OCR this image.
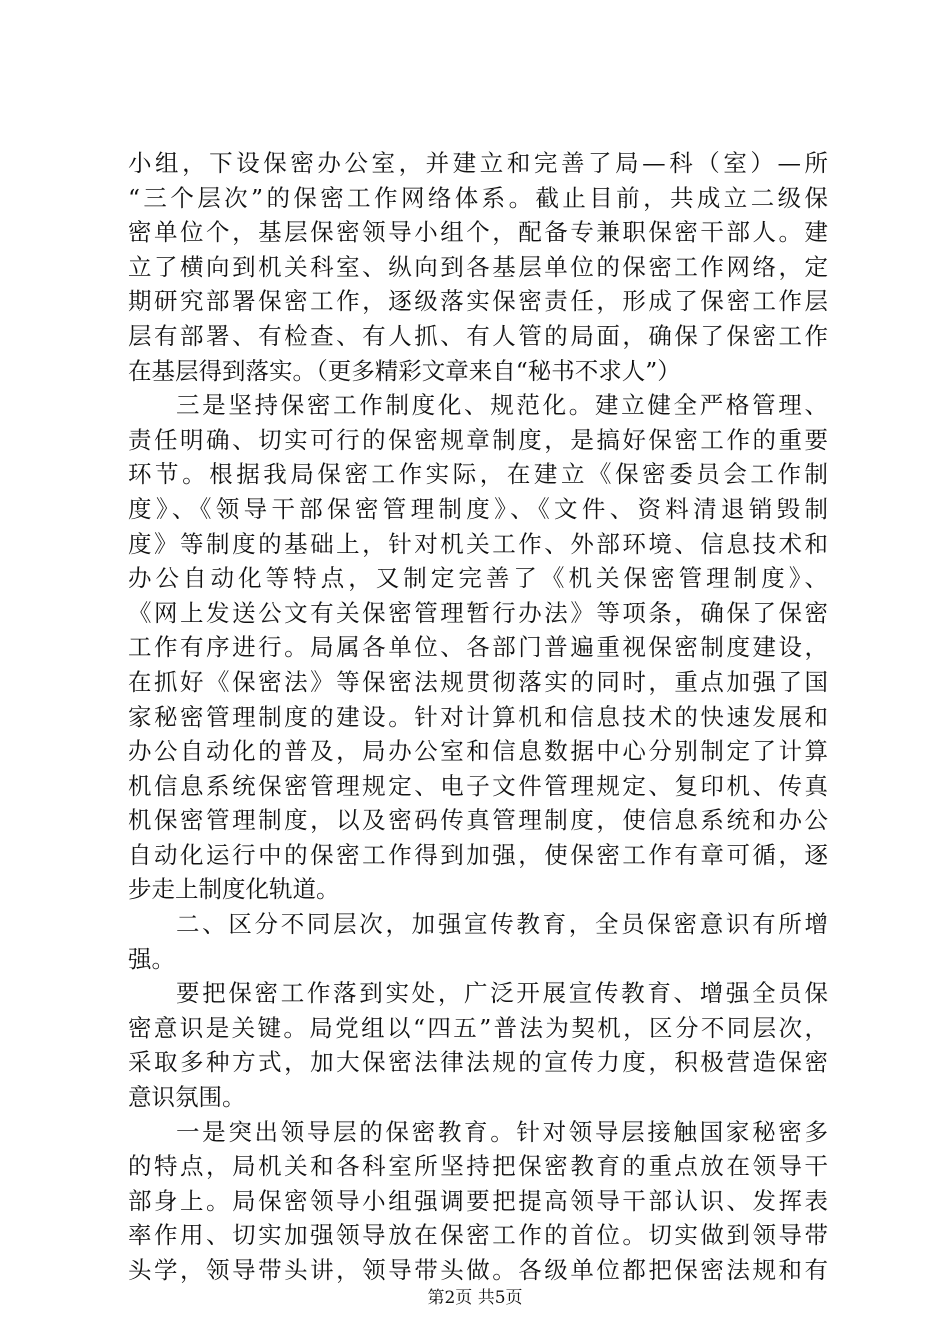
小组，下设保密办公室，并建立和完善了局—科（室）—所
“三个层次”的保密工作网络体系。截止目前，共成立二级保
密单位个，基层保密领导小组个，配备专兼职保密干部人。建
立了横向到机关科室、纵向到各基层单位的保密工作网络，定
期研究部署保密工作，逐级落实保密责任，形成了保密工作层
层有部署、有检查、有人抓、有人管的局面，确保了保密工作
在基层得到落实。（更多精彩文章来自“秘书不求人”）
三是坚持保密工作制度化、规范化。建立健全严格管理、
责任明确、切实可行的保密规章制度，是搞好保密工作的重要
环节。根据我局保密工作实际，在建立《保密委员会工作制
度》、《领导干部保密管理制度》、《文件、资料清退销毁制
度》等制度的基础上，针对机关工作、外部环境、信息技术和
办公自动化等特点，又制定完善了《机关保密管理制度》、
《网上发送公文有关保密管理暂行办法》等项条，确保了保密
工作有序进行。局属各单位、各部门普遍重视保密制度建设，
在抓好《保密法》等保密法规贯彻落实的同时，重点加强了国
家秘密管理制度的建设。针对计算机和信息技术的快速发展和
办公自动化的普及，局办公室和信息数据中心分别制定了计算
机信息系统保密管理规定、电子文件管理规定、复印机、传真
机保密管理制度，以及密码传真管理制度，使信息系统和办公
自动化运行中的保密工作得到加强，使保密工作有章可循，逐
步走上制度化轨道。
二、区分不同层次，加强宣传教育，全员保密意识有所增
强。
要把保密工作落到实处，广泛开展宣传教育、增强全员保
密意识是关键。局党组以“四五”普法为契机，区分不同层次，
采取多种方式，加大保密法律法规的宣传力度，积极营造保密
意识氛围。
一是突出领导层的保密教育。针对领导层接触国家秘密多
的特点，局机关和各科室所坚持把保密教育的重点放在领导干
部身上。局保密领导小组强调要把提高领导干部认识、发挥表
率作用、切实加强领导放在保密工作的首位。切实做到领导带
头学，领导带头讲，领导带头做。各级单位都把保密法规和有
第2页 共5页
